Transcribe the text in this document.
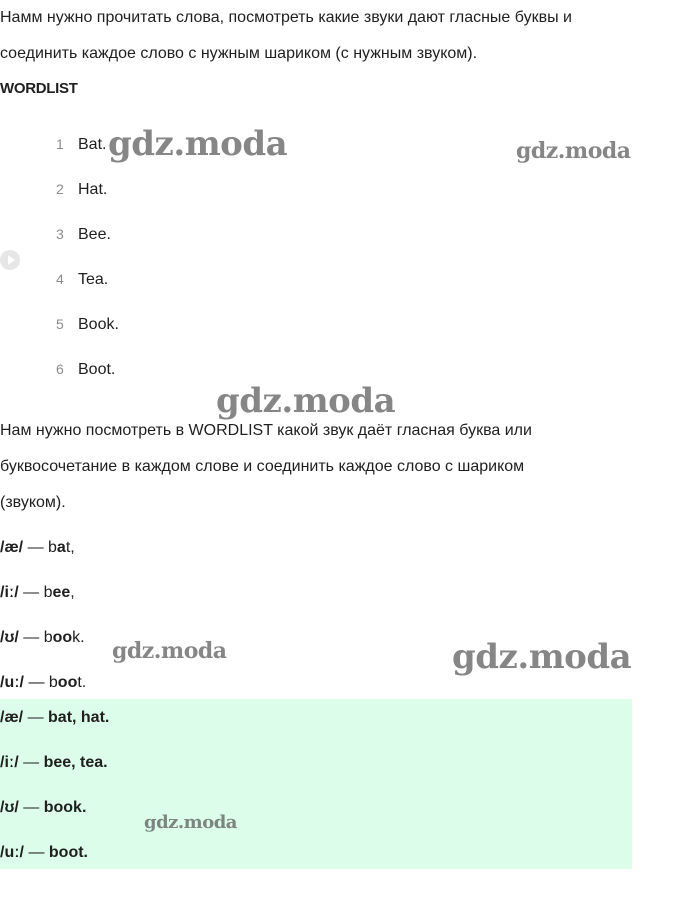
Намм нужно прочитать слова, посмотреть какие звуки дают гласные буквы и

соединить каждое слово с нужным шариком (с нужным звуком).

WORDLIST
1 Bat.
2 Hat.
3 Bee.
4 Tea.
5 Book.
6 Boot.

Нам нужно посмотреть в WORDLIST какой звук даёт гласная буква или

буквосочетание в каждом слове и соединить каждое слово с шариком

(звуком).

/æ/ — bat,
/iː/ — bee,
/ʊ/ — book.
/uː/ — boot.
/æ/ — bat, hat.
/iː/ — bee, tea.
/ʊ/ — book.
/uː/ — boot.
gdz.moda	gdz.moda
gdz.moda
gdz.moda	gdz.moda
gdz.moda
